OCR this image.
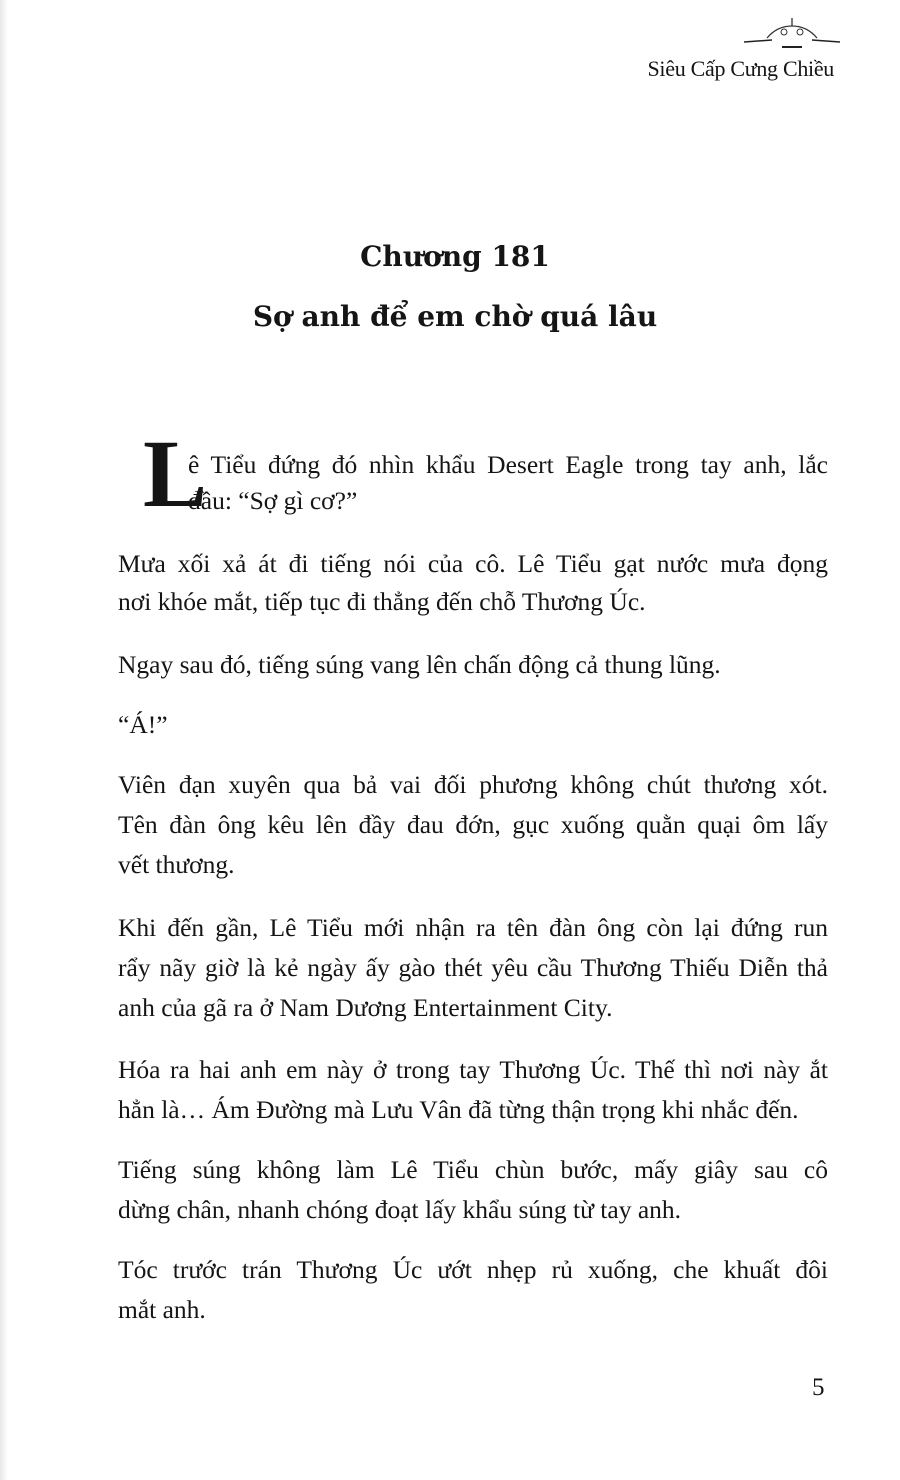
Siêu Cấp Cưng Chiều
Chương 181
Sợ anh để em chờ quá lâu
L
ê Tiểu đứng đó nhìn khẩu Desert Eagle trong tay anh, lắc
đầu: “Sợ gì cơ?”
Mưa xối xả át đi tiếng nói của cô. Lê Tiểu gạt nước mưa đọng
nơi khóe mắt, tiếp tục đi thẳng đến chỗ Thương Úc.
Ngay sau đó, tiếng súng vang lên chấn động cả thung lũng.
“Á!”
Viên đạn xuyên qua bả vai đối phương không chút thương xót.
Tên đàn ông kêu lên đầy đau đớn, gục xuống quằn quại ôm lấy
vết thương.
Khi đến gần, Lê Tiểu mới nhận ra tên đàn ông còn lại đứng run
rẩy nãy giờ là kẻ ngày ấy gào thét yêu cầu Thương Thiếu Diễn thả
anh của gã ra ở Nam Dương Entertainment City.
Hóa ra hai anh em này ở trong tay Thương Úc. Thế thì nơi này ắt
hẳn là… Ám Đường mà Lưu Vân đã từng thận trọng khi nhắc đến.
Tiếng súng không làm Lê Tiểu chùn bước, mấy giây sau cô
dừng chân, nhanh chóng đoạt lấy khẩu súng từ tay anh.
Tóc trước trán Thương Úc ướt nhẹp rủ xuống, che khuất đôi
mắt anh.
5
